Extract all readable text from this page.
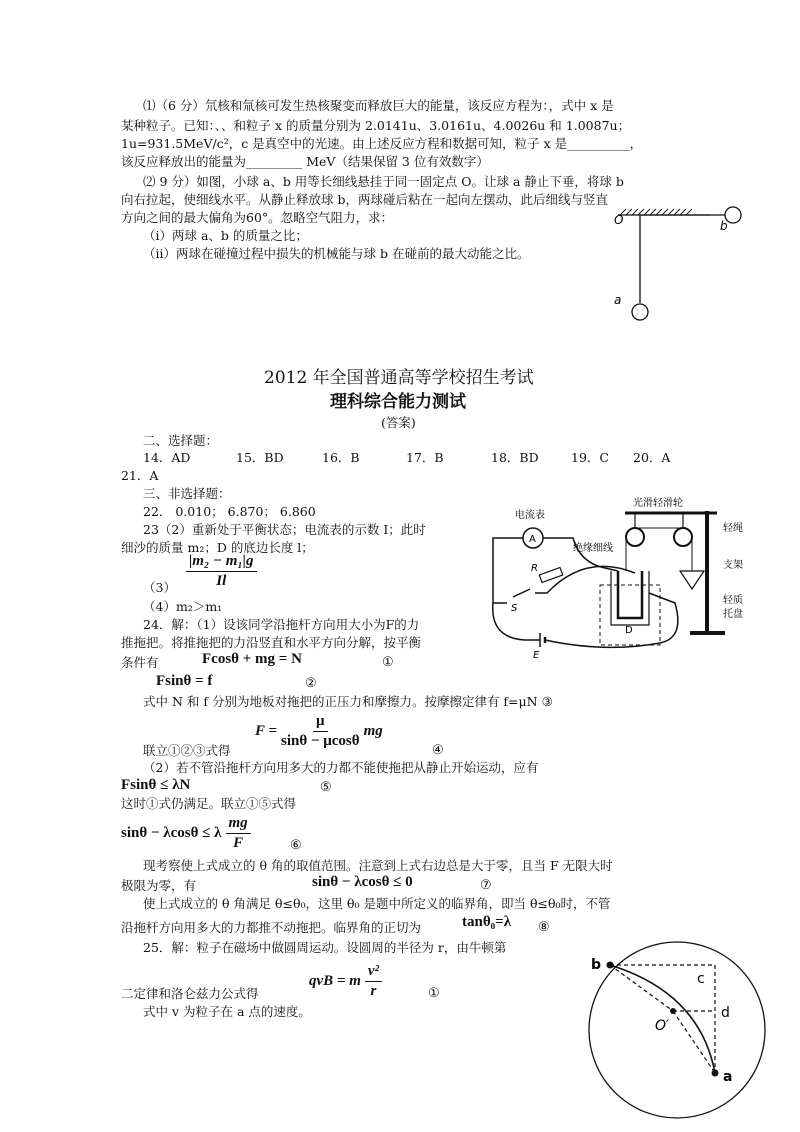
⑴（6 分）氘核和氚核可发生热核聚变而释放巨大的能量，该反应方程为：，式中 x 是
某种粒子。已知：、、和粒子 x 的质量分别为 2.0141u、3.0161u、4.0026u 和 1.0087u；
1u=931.5MeV/c²，c 是真空中的光速。由上述反应方程和数据可知，粒子 x 是__________，
该反应释放出的能量为_________ MeV（结果保留 3 位有效数字）
⑵ 9 分）如图，小球 a、b 用等长细线悬挂于同一固定点 O。让球 a 静止下垂，将球 b
向右拉起，使细线水平。从静止释放球 b，两球碰后粘在一起向左摆动，此后细线与竖直
方向之间的最大偏角为60°。忽略空气阻力，求：
（i）两球 a、b 的质量之比；
（ii）两球在碰撞过程中损失的机械能与球 b 在碰前的最大动能之比。
O
a
b
2012 年全国普通高等学校招生考试
理科综合能力测试
(答案)
二、选择题：
14．AD	15．BD	16．B	17．B	18．BD	19．C 20．A
21．A
三、非选择题：
22． 0.010； 6.870； 6.860
23（2）重新处于平衡状态；电流表的示数 I；此时
细沙的质量 m₂；D 的底边长度 l；
$\frac{\text{|m₂ − m₁|g}}{Il}$
（3）
（4）m₂＞m₁
24．解：（1）设该同学沿拖杆方向用大小为F的力
推拖把。将推拖把的力沿竖直和水平方向分解，按平衡
条件有	Fcosθ + mg = N	①
Fsinθ = f	②
式中 N 和 f 分别为地板对拖把的正压力和摩擦力。按摩擦定律有 f=μN ③
$F = \frac{\mu}{\sin\theta - \mu\cos\theta}$ mg
联立①②③式得	④
（2）若不管沿拖杆方向用多大的力都不能使拖把从静止开始运动，应有
Fsinθ ≤ λN	⑤
这时①式仍满足。联立①⑤式得
sinθ − λcosθ ≤ λ $\frac{mg}{F}$	⑥
现考察使上式成立的 θ 角的取值范围。注意到上式右边总是大于零，且当 F 无限大时
极限为零，有	sinθ − λcosθ ≤ 0	⑦
使上式成立的 θ 角满足 θ≤θ₀，这里 θ₀ 是题中所定义的临界角，即当 θ≤θ₀时，不管
沿拖杆方向用多大的力都推不动拖把。临界角的正切为	tanθ₀=λ ⑧
25．解：粒子在磁场中做圆周运动。设圆周的半径为 r，由牛顿第
qvB = m $\frac{\text{v²}}{r}$
二定律和洛仑兹力公式得	①
式中 v 为粒子在 a 点的速度。
电流表
A
光滑轻滑轮
轻绳
绝缘细线
支架
轻质
托盘
R
S
D
E
b
c
O′
d
a
